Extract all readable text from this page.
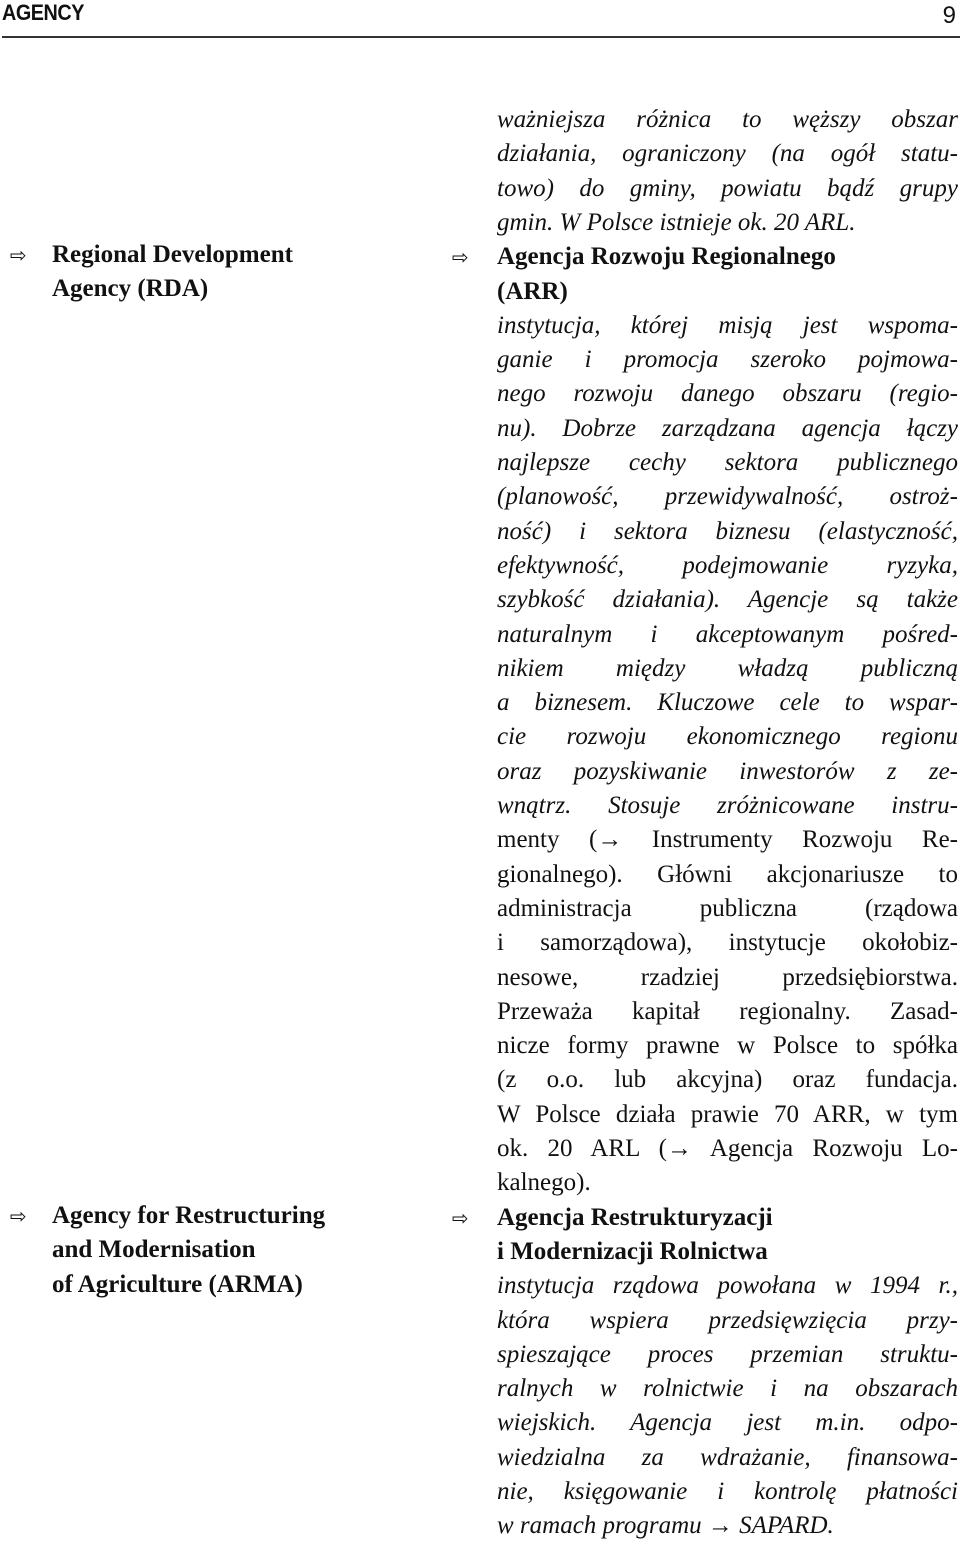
AGENCY	9
⇨ Regional Development
Agency (RDA)
⇨ Agency for Restructuring
and Modernisation
of Agriculture (ARMA)
ważniejsza różnica to węższy obszar
działania, ograniczony (na ogół statu-
towo) do gminy, powiatu bądź grupy
gmin. W Polsce istnieje ok. 20 ARL.
Agencja Rozwoju Regionalnego
⇨
(ARR)
instytucja, której misją jest wspoma-
ganie i promocja szeroko pojmowa-
nego rozwoju danego obszaru (regio-
nu). Dobrze zarządzana agencja łączy
najlepsze cechy sektora publicznego
(planowość, przewidywalność, ostroż-
ność) i sektora biznesu (elastyczność,
efektywność, podejmowanie ryzyka,
szybkość działania). Agencje są także
naturalnym i akceptowanym pośred-
nikiem między władzą publiczną
a biznesem. Kluczowe cele to wspar-
cie rozwoju ekonomicznego regionu
oraz pozyskiwanie inwestorów z ze-
wnątrz. Stosuje zróżnicowane instru-
menty (→ Instrumenty Rozwoju Re-
gionalnego). Główni akcjonariusze to
administracja publiczna (rządowa
i samorządowa), instytucje okołobiz-
nesowe, rzadziej przedsiębiorstwa.
Przeważa kapitał regionalny. Zasad-
nicze formy prawne w Polsce to spółka
(z o.o. lub akcyjna) oraz fundacja.
W Polsce działa prawie 70 ARR, w tym
ok. 20 ARL (→ Agencja Rozwoju Lo-
kalnego).
Agencja Restrukturyzacji
⇨
i Modernizacji Rolnictwa
instytucja rządowa powołana w 1994 r.,
która wspiera przedsięwzięcia przy-
spieszające proces przemian struktu-
ralnych w rolnictwie i na obszarach
wiejskich. Agencja jest m.in. odpo-
wiedzialna za wdrażanie, finansowa-
nie, księgowanie i kontrolę płatności
w ramach programu → SAPARD.
